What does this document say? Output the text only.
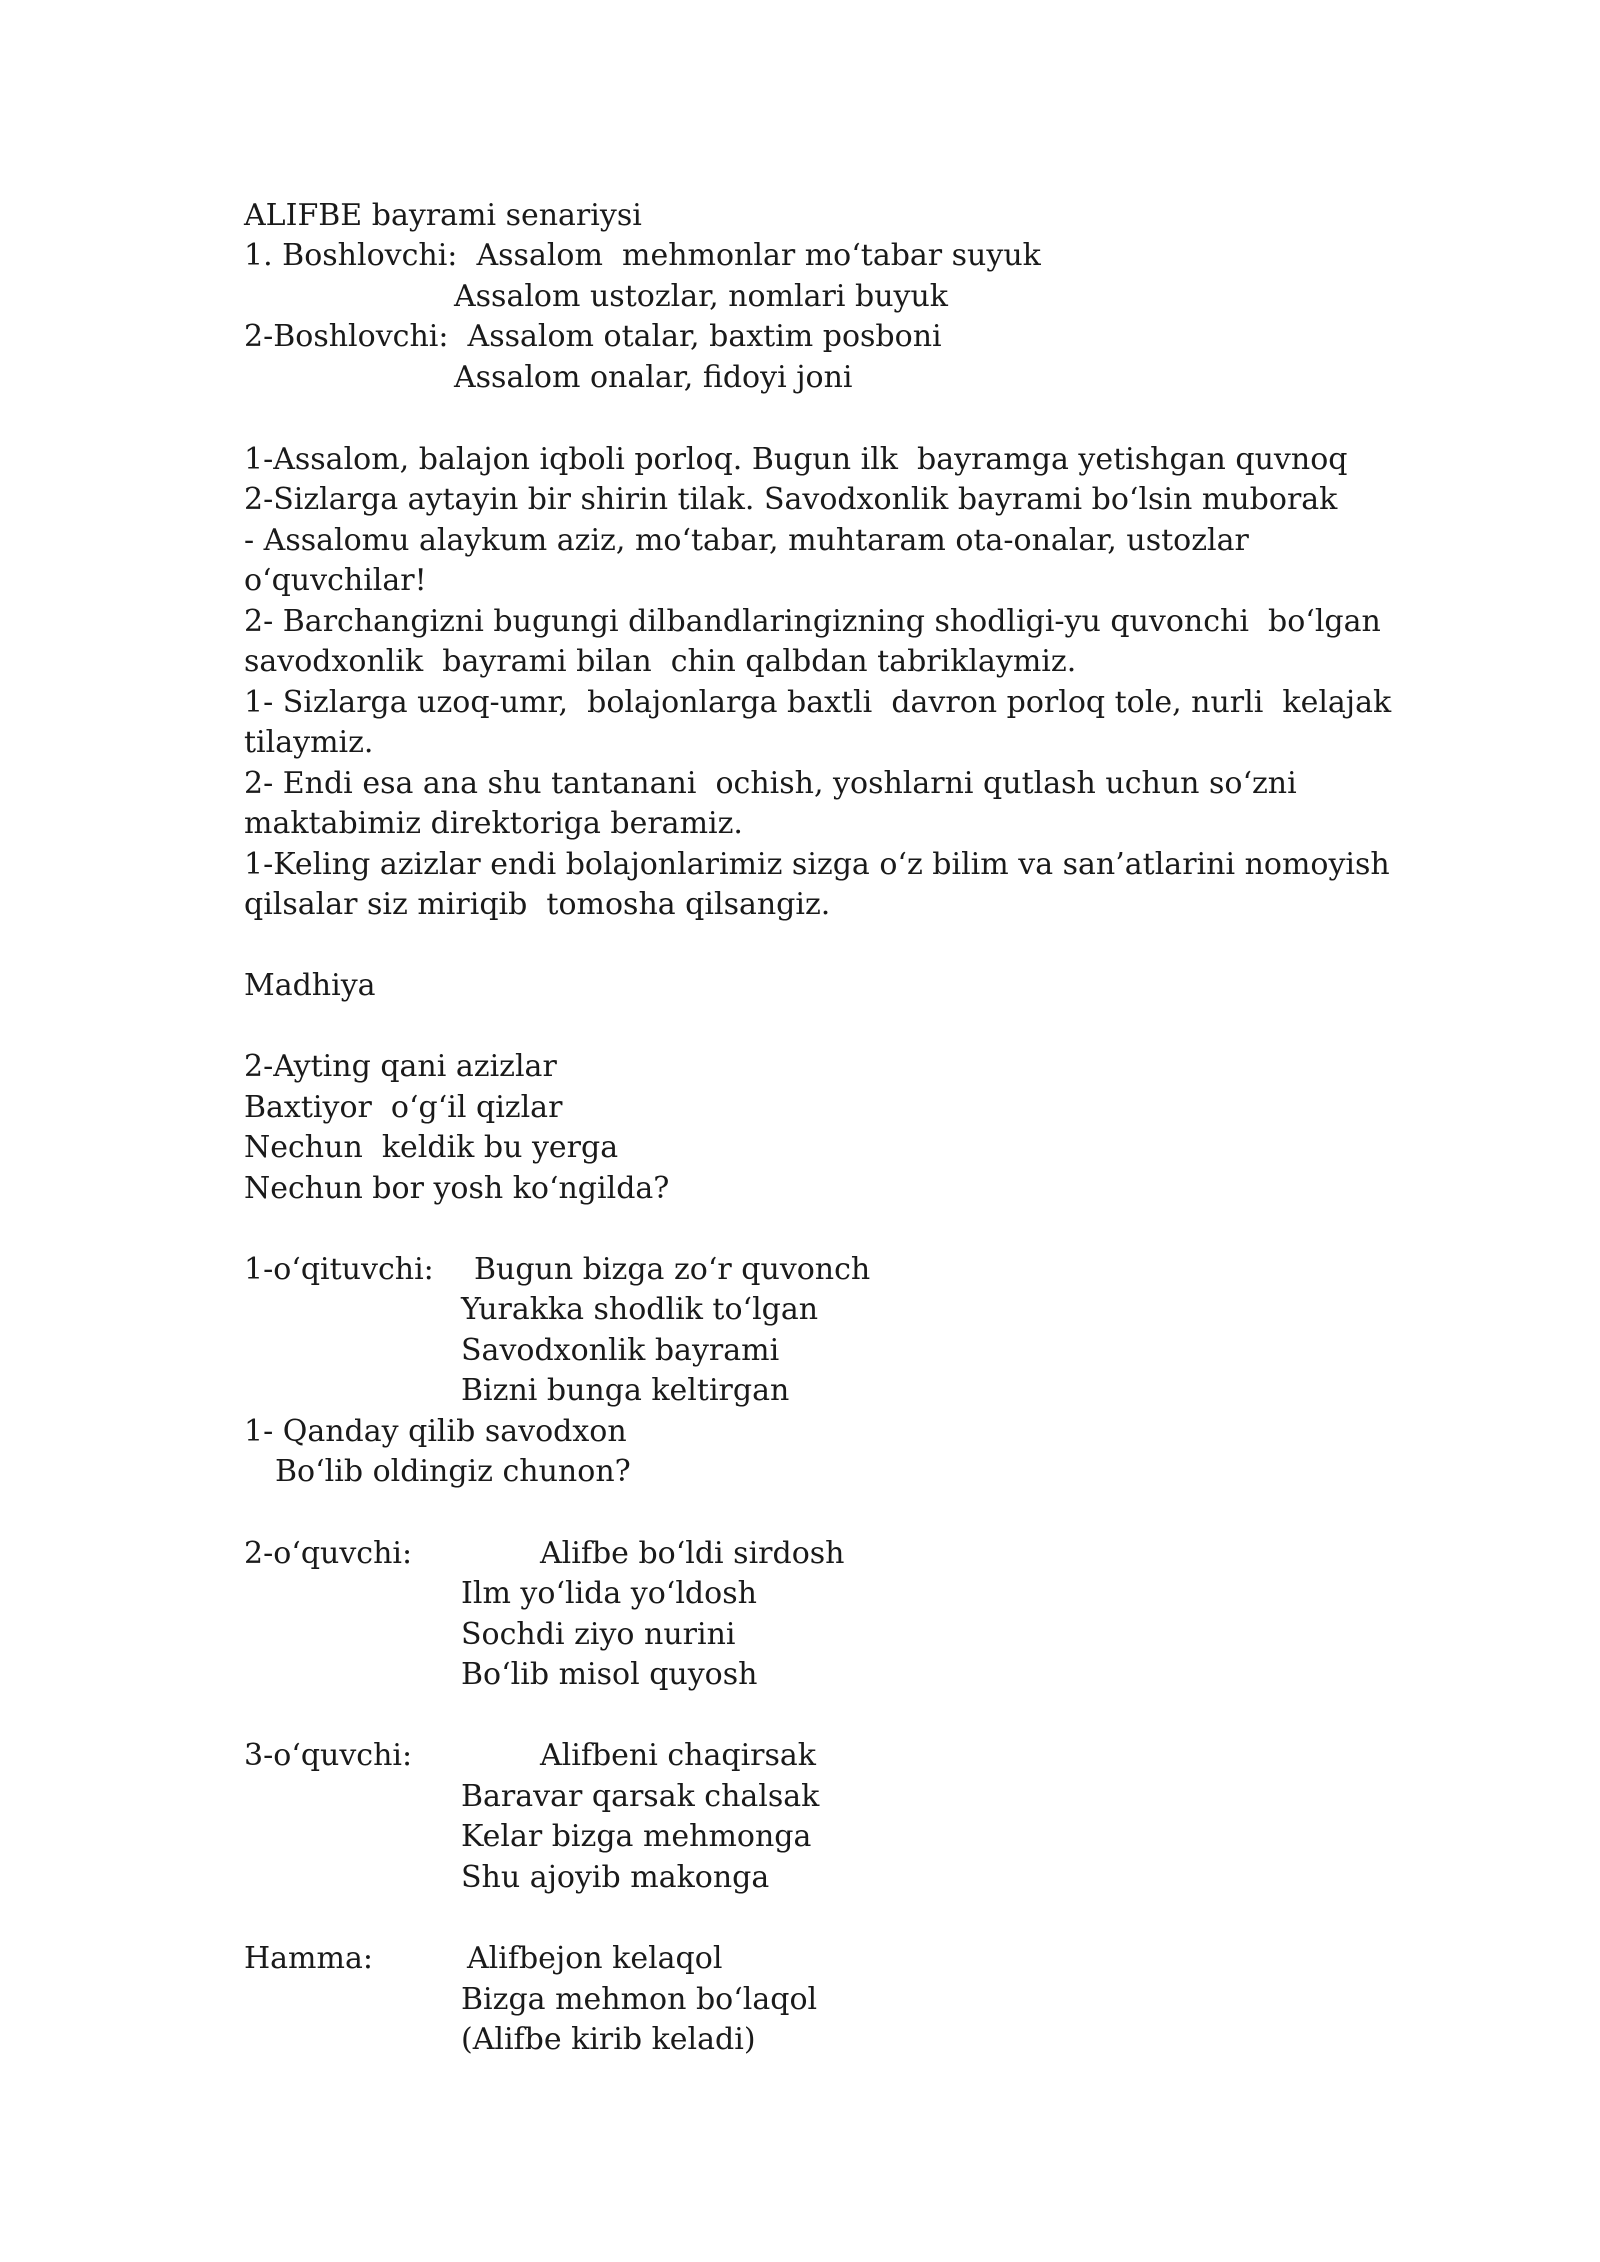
ALIFBE bayrami senariysi
1. Boshlovchi:  Assalom  mehmonlar mo‘tabar suyuk
Assalom ustozlar, nomlari buyuk
2-Boshlovchi:  Assalom otalar, baxtim posboni
Assalom onalar, fidoyi joni
1-Assalom, balajon iqboli porloq. Bugun ilk  bayramga yetishgan quvnoq
2-Sizlarga aytayin bir shirin tilak. Savodxonlik bayrami bo‘lsin muborak
- Assalomu alaykum aziz, mo‘tabar, muhtaram ota-onalar, ustozlar
o‘quvchilar!
2- Barchangizni bugungi dilbandlaringizning shodligi-yu quvonchi  bo‘lgan
savodxonlik  bayrami bilan  chin qalbdan tabriklaymiz.
1- Sizlarga uzoq-umr,  bolajonlarga baxtli  davron porloq tole, nurli  kelajak
tilaymiz.
2- Endi esa ana shu tantanani  ochish, yoshlarni qutlash uchun so‘zni
maktabimiz direktoriga beramiz.
1-Keling azizlar endi bolajonlarimiz sizga o‘z bilim va san’atlarini nomoyish
qilsalar siz miriqib  tomosha qilsangiz.
Madhiya
2-Ayting qani azizlar
Baxtiyor  o‘g‘il qizlar
Nechun  keldik bu yerga
Nechun bor yosh ko‘ngilda?
1-o‘qituvchi: Bugun bizga zo‘r quvonch
Yurakka shodlik to‘lgan
Savodxonlik bayrami
Bizni bunga keltirgan
1- Qanday qilib savodxon
Bo‘lib oldingiz chunon?
2-o‘quvchi:	Alifbe bo‘ldi sirdosh
Ilm yo‘lida yo‘ldosh
Sochdi ziyo nurini
Bo‘lib misol quyosh
3-o‘quvchi:	Alifbeni chaqirsak
Baravar qarsak chalsak
Kelar bizga mehmonga
Shu ajoyib makonga
Hamma:	Alifbejon kelaqol
Bizga mehmon bo‘laqol
(Alifbe kirib keladi)
